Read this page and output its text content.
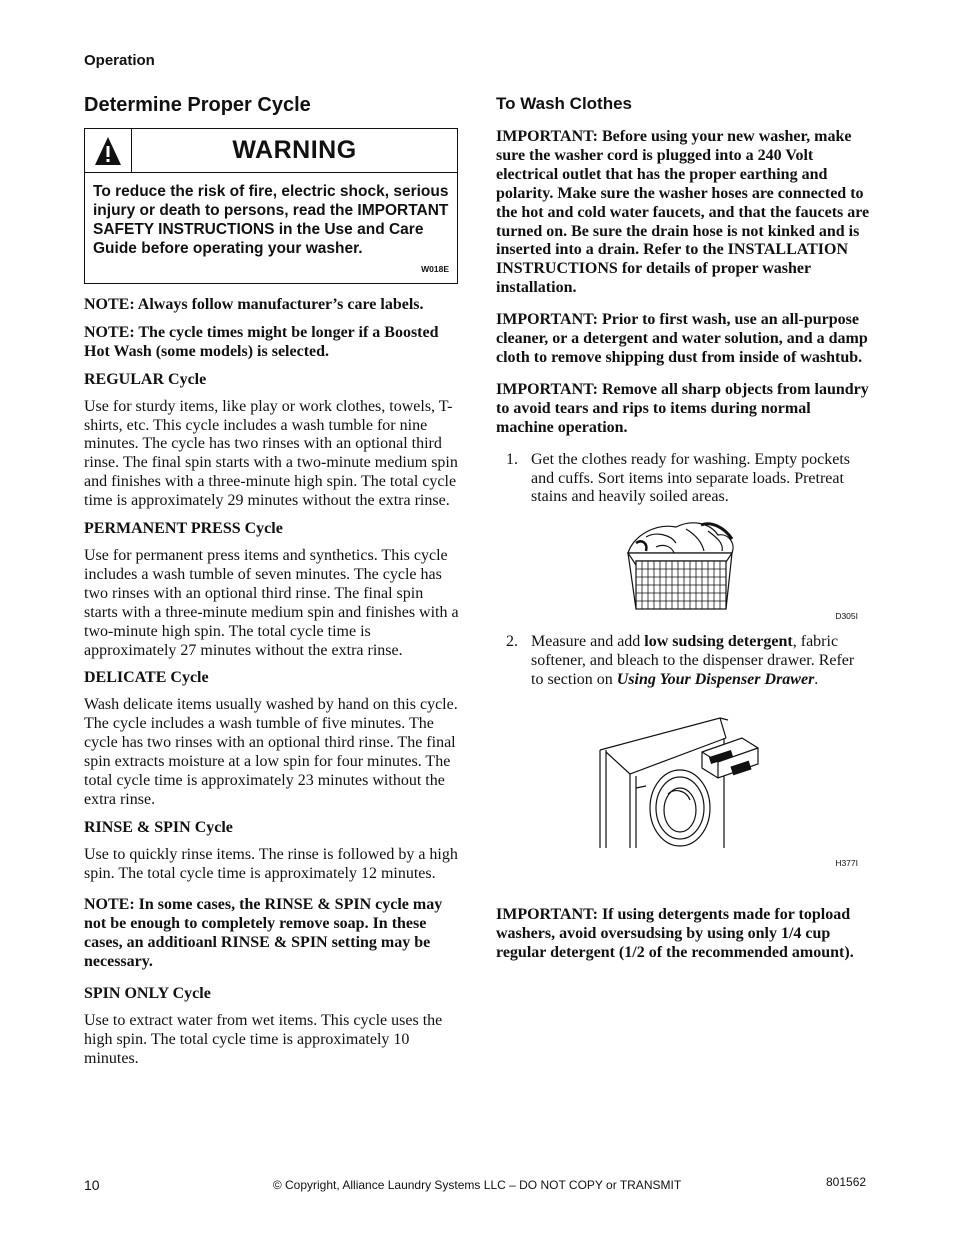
Operation
Determine Proper Cycle
WARNING
To reduce the risk of fire, electric shock, serious injury or death to persons, read the IMPORTANT SAFETY INSTRUCTIONS in the Use and Care Guide before operating your washer.
W018E

NOTE: Always follow manufacturer’s care labels.

NOTE: The cycle times might be longer if a Boosted Hot Wash (some models) is selected.

REGULAR Cycle

Use for sturdy items, like play or work clothes, towels, T-shirts, etc. This cycle includes a wash tumble for nine minutes. The cycle has two rinses with an optional third rinse. The final spin starts with a two-minute medium spin and finishes with a three-minute high spin. The total cycle time is approximately 29 minutes without the extra rinse.

PERMANENT PRESS Cycle

Use for permanent press items and synthetics. This cycle includes a wash tumble of seven minutes. The cycle has two rinses with an optional third rinse. The final spin starts with a three-minute medium spin and finishes with a two-minute high spin. The total cycle time is approximately 27 minutes without the extra rinse.

DELICATE Cycle

Wash delicate items usually washed by hand on this cycle. The cycle includes a wash tumble of five minutes. The cycle has two rinses with an optional third rinse. The final spin extracts moisture at a low spin for four minutes. The total cycle time is approximately 23 minutes without the extra rinse.

RINSE & SPIN Cycle

Use to quickly rinse items. The rinse is followed by a high spin. The total cycle time is approximately 12 minutes.

NOTE: In some cases, the RINSE & SPIN cycle may not be enough to completely remove soap. In these cases, an additioanl RINSE & SPIN setting may be necessary.

SPIN ONLY Cycle

Use to extract water from wet items. This cycle uses the high spin. The total cycle time is approximately 10 minutes.

To Wash Clothes

IMPORTANT: Before using your new washer, make sure the washer cord is plugged into a 240 Volt electrical outlet that has the proper earthing and polarity. Make sure the washer hoses are connected to the hot and cold water faucets, and that the faucets are turned on. Be sure the drain hose is not kinked and is inserted into a drain. Refer to the INSTALLATION INSTRUCTIONS for details of proper washer installation.

IMPORTANT: Prior to first wash, use an all-purpose cleaner, or a detergent and water solution, and a damp cloth to remove shipping dust from inside of washtub.

IMPORTANT: Remove all sharp objects from laundry to avoid tears and rips to items during normal machine operation.

1. Get the clothes ready for washing. Empty pockets and cuffs. Sort items into separate loads. Pretreat stains and heavily soiled areas.
D305I
2. Measure and add low sudsing detergent, fabric softener, and bleach to the dispenser drawer. Refer to section on Using Your Dispenser Drawer.
H377I

IMPORTANT: If using detergents made for topload washers, avoid oversudsing by using only 1/4 cup regular detergent (1/2 of the recommended amount).

10	© Copyright, Alliance Laundry Systems LLC – DO NOT COPY or TRANSMIT	801562
